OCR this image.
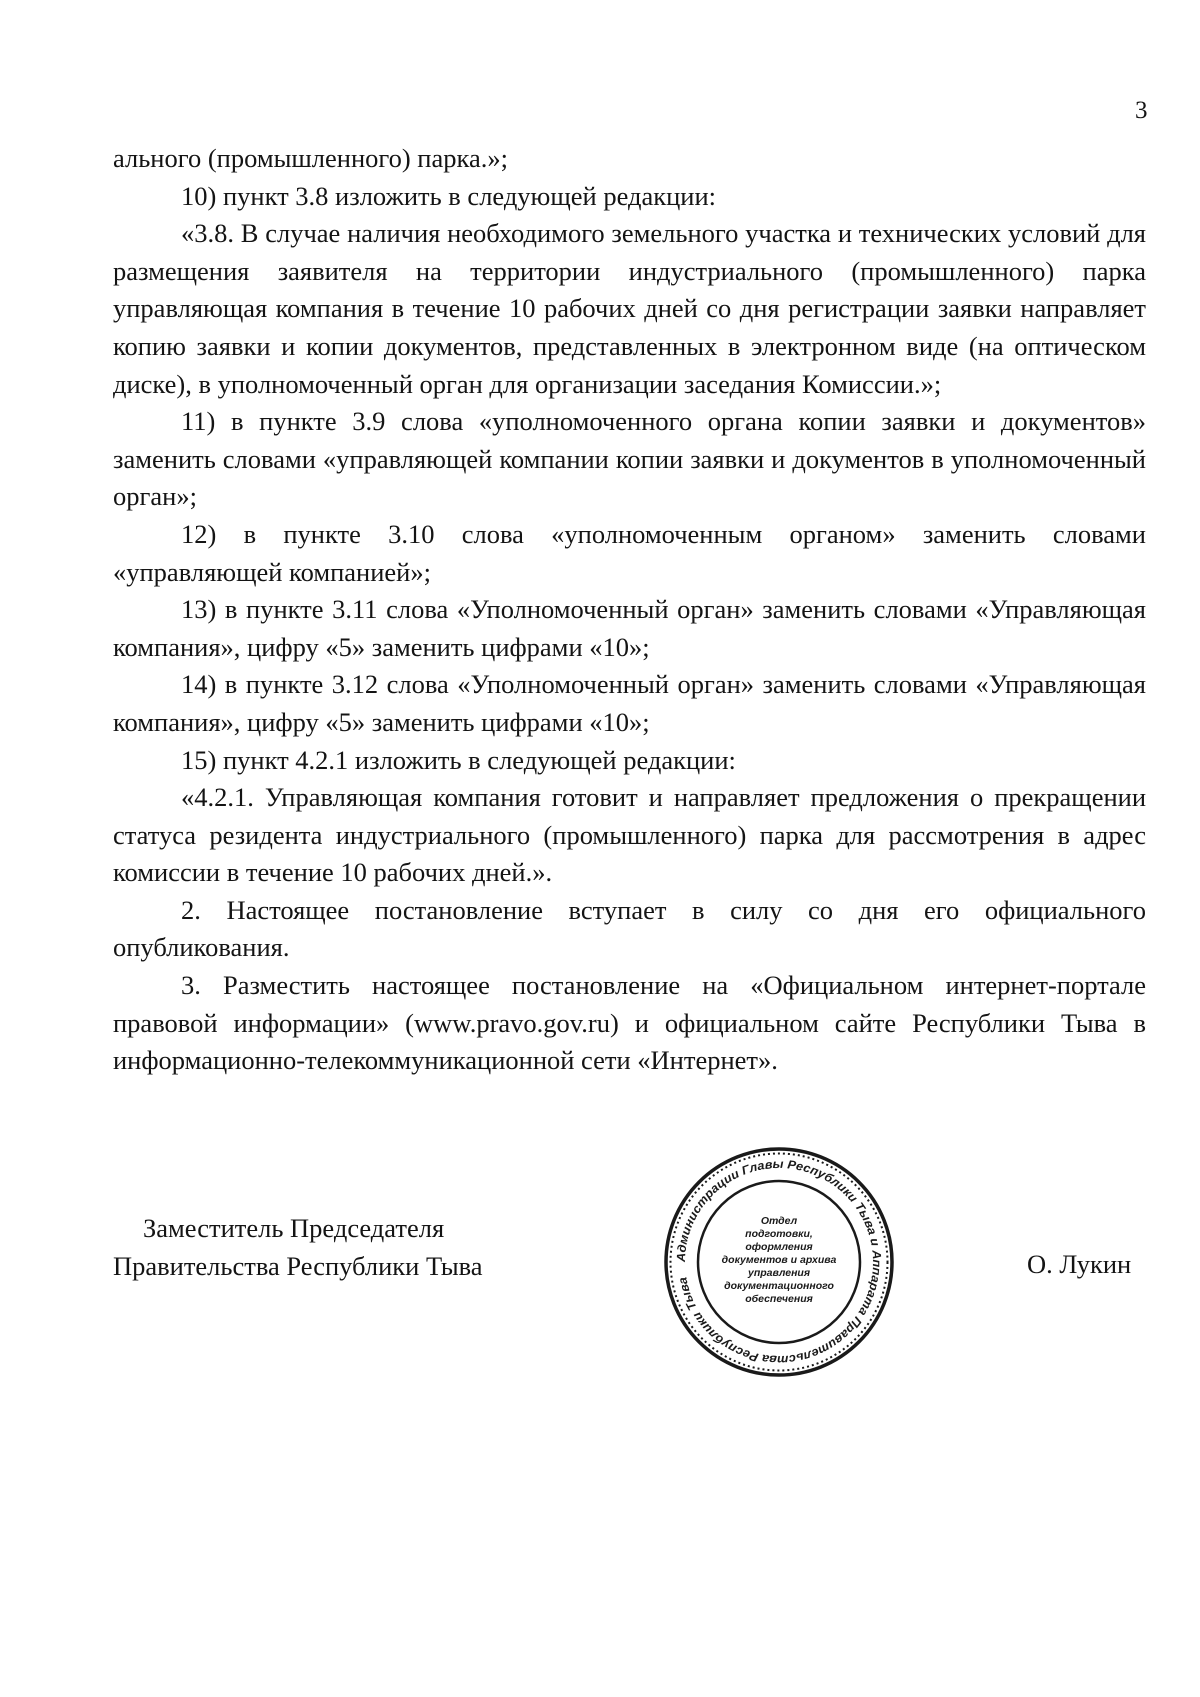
3

ального (промышленного) парка.»;

10) пункт 3.8 изложить в следующей редакции:

«3.8. В случае наличия необходимого земельного участка и технических условий для размещения заявителя на территории индустриального (промышленного) парка управляющая компания в течение 10 рабочих дней со дня регистрации заявки направляет копию заявки и копии документов, представленных в электронном виде (на оптическом диске), в уполномоченный орган для организации заседания Комиссии.»;

11) в пункте 3.9 слова «уполномоченного органа копии заявки и документов» заменить словами «управляющей компании копии заявки и документов в уполномоченный орган»;

12) в пункте 3.10 слова «уполномоченным органом» заменить словами «управляющей компанией»;

13) в пункте 3.11 слова «Уполномоченный орган» заменить словами «Управляющая компания», цифру «5» заменить цифрами «10»;

14) в пункте 3.12 слова «Уполномоченный орган» заменить словами «Управляющая компания», цифру «5» заменить цифрами «10»;

15) пункт 4.2.1 изложить в следующей редакции:

«4.2.1. Управляющая компания готовит и направляет предложения о прекращении статуса резидента индустриального (промышленного) парка для рассмотрения в адрес комиссии в течение 10 рабочих дней.».

2. Настоящее постановление вступает в силу со дня его официального опубликования.

3. Разместить настоящее постановление на «Официальном интернет-портале правовой информации» (www.pravo.gov.ru) и официальном сайте Республики Тыва в информационно-телекоммуникационной сети «Интернет».

Заместитель Председателя
Правительства Республики Тыва	О. Лукин
Администрации Главы Республики Тыва и Аппарата Правительства Республики Тыва
Отдел
подготовки,
оформления
документов и архива
управления
документационного
обеспечения
